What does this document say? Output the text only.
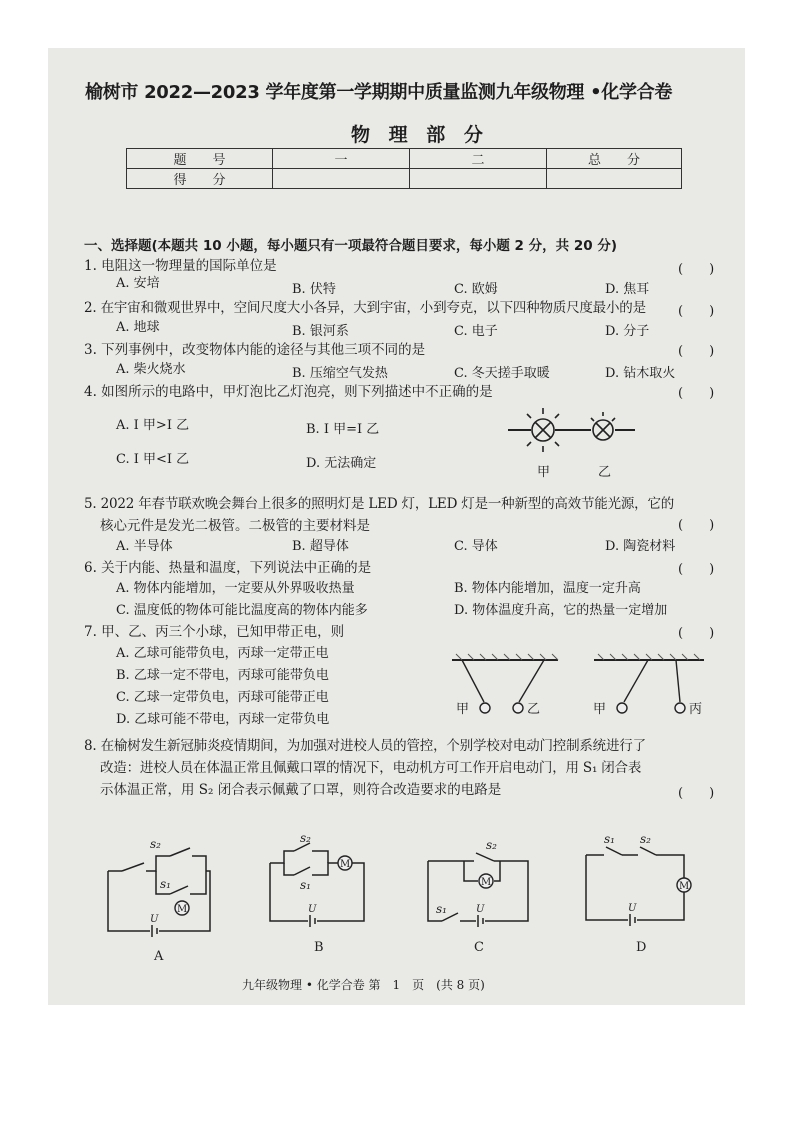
榆树市 2022—2023 学年度第一学期期中质量监测九年级物理 •化学合卷
物 理 部 分
题　　号	一	二	总　　分
得　　分			
一、选择题(本题共 10 小题，每小题只有一项最符合题目要求，每小题 2 分，共 20 分)
1. 电阻这一物理量的国际单位是	(　　)
A. 安培	B. 伏特	C. 欧姆	D. 焦耳
2. 在宇宙和微观世界中，空间尺度大小各异，大到宇宙，小到夸克，以下四种物质尺度最小的是 (　　)
A. 地球	B. 银河系	C. 电子	D. 分子
3. 下列事例中，改变物体内能的途径与其他三项不同的是	(　　)
A. 柴火烧水	B. 压缩空气发热	C. 冬天搓手取暖	D. 钻木取火
4. 如图所示的电路中，甲灯泡比乙灯泡亮，则下列描述中不正确的是	(　　)
A. I 甲>I 乙	B. I 甲=I 乙
C. I 甲<I 乙	D. 无法确定
甲	乙
5. 2022 年春节联欢晚会舞台上很多的照明灯是 LED 灯，LED 灯是一种新型的高效节能光源，它的
核心元件是发光二极管。二极管的主要材料是	(　　)
A. 半导体	B. 超导体	C. 导体	D. 陶瓷材料
6. 关于内能、热量和温度，下列说法中正确的是	(　　)
A. 物体内能增加，一定要从外界吸收热量	B. 物体内能增加，温度一定升高
C. 温度低的物体可能比温度高的物体内能多	D. 物体温度升高，它的热量一定增加
7. 甲、乙、丙三个小球，已知甲带正电，则	(　　)
A. 乙球可能带负电，丙球一定带正电
B. 乙球一定不带电，丙球可能带负电
C. 乙球一定带负电，丙球可能带正电
D. 乙球可能不带电，丙球一定带负电
甲	乙	甲	丙
8. 在榆树发生新冠肺炎疫情期间，为加强对进校人员的管控，个别学校对电动门控制系统进行了
改造：进校人员在体温正常且佩戴口罩的情况下，电动机方可工作开启电动门，用 S₁ 闭合表
示体温正常，用 S₂ 闭合表示佩戴了口罩，则符合改造要求的电路是	(　　)
M
s₂
s₁
U
A
M
s₂
s₁
U
B
M
s₂
s₁	U
C
M
s₁ s₂
U
D
九年级物理 • 化学合卷 第　1　页　(共 8 页)
